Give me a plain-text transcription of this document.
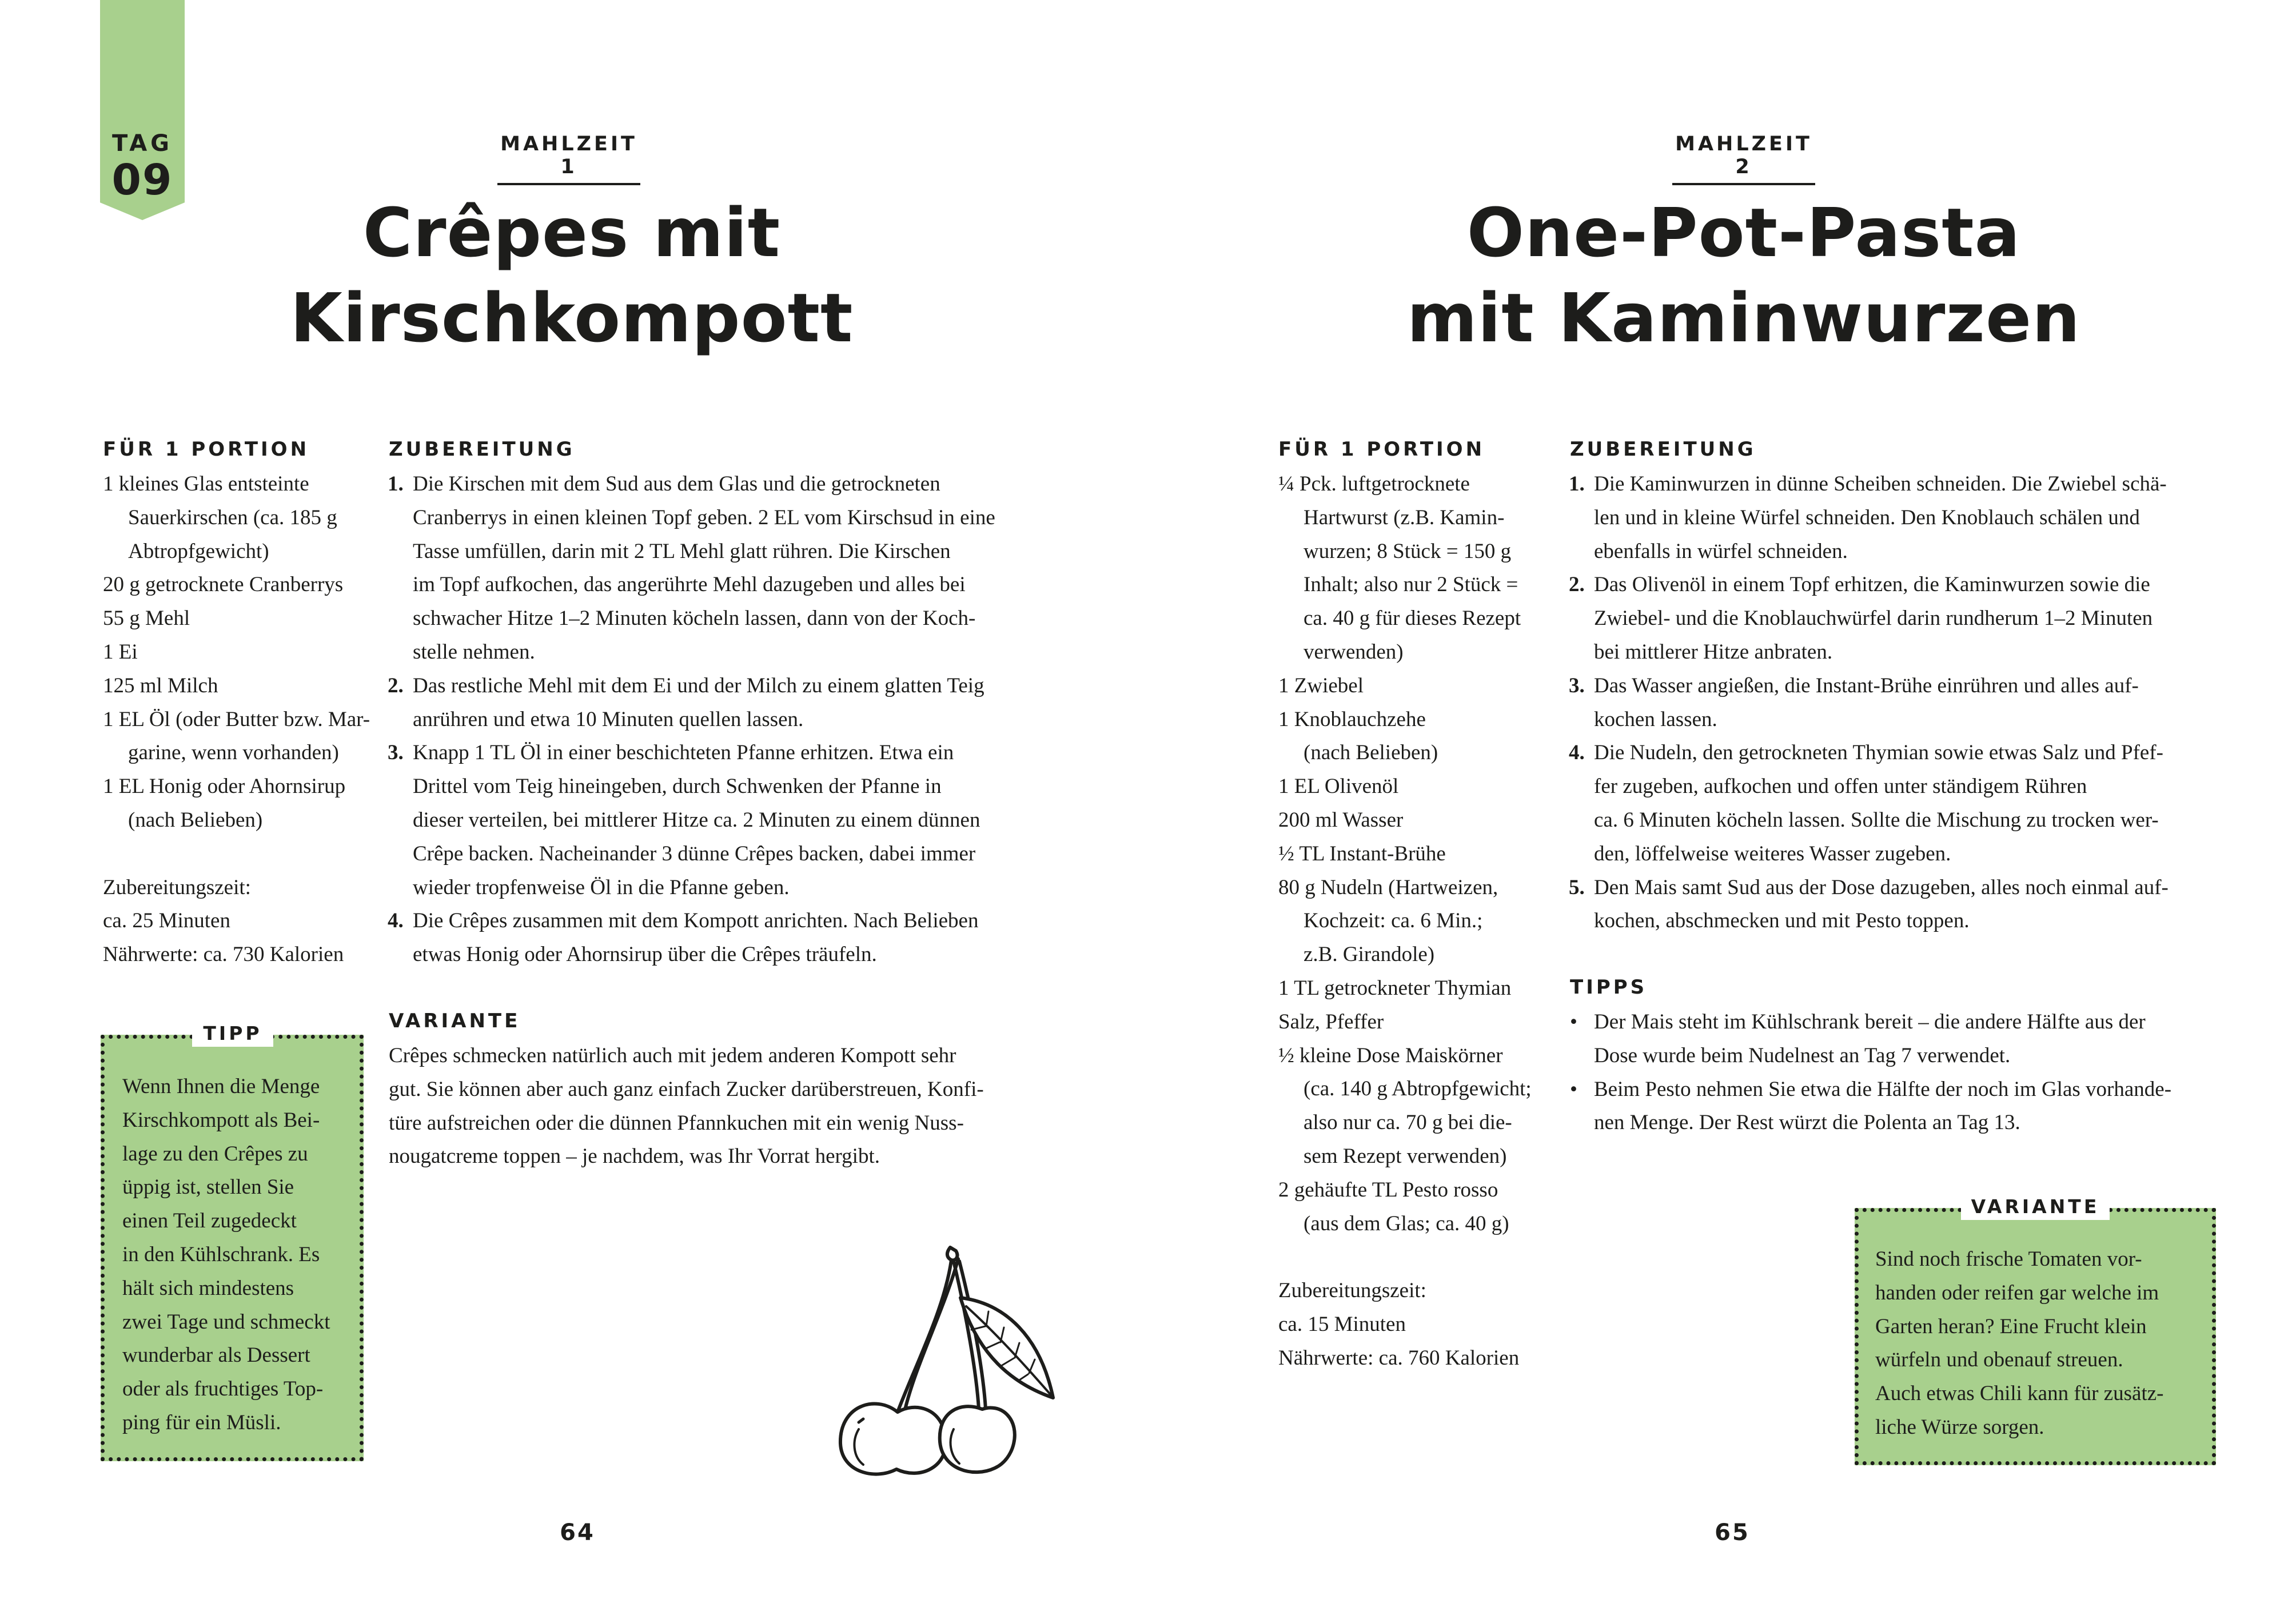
TAG
09
MAHLZEIT 1
Crêpes mit
Kirschkompott
FÜR 1 PORTION
1 kleines Glas entsteinte
Sauerkirschen (ca. 185 g
Abtropfgewicht)
20 g getrocknete Cranberrys
55 g Mehl
1 Ei
125 ml Milch
1 EL Öl (oder Butter bzw. Mar-
garine, wenn vorhanden)
1 EL Honig oder Ahornsirup
(nach Belieben)
Zubereitungszeit:
ca. 25 Minuten
Nährwerte: ca. 730 Kalorien
ZUBEREITUNG
1. Die Kirschen mit dem Sud aus dem Glas und die getrockneten
Cranberrys in einen kleinen Topf geben. 2 EL vom Kirschsud in eine
Tasse umfüllen, darin mit 2 TL Mehl glatt rühren. Die Kirschen
im Topf aufkochen, das angerührte Mehl dazugeben und alles bei
schwacher Hitze 1–2 Minuten köcheln lassen, dann von der Koch-
stelle nehmen.
2. Das restliche Mehl mit dem Ei und der Milch zu einem glatten Teig
anrühren und etwa 10 Minuten quellen lassen.
3. Knapp 1 TL Öl in einer beschichteten Pfanne erhitzen. Etwa ein
Drittel vom Teig hineingeben, durch Schwenken der Pfanne in
dieser verteilen, bei mittlerer Hitze ca. 2 Minuten zu einem dünnen
Crêpe backen. Nacheinander 3 dünne Crêpes backen, dabei immer
wieder tropfenweise Öl in die Pfanne geben.
4. Die Crêpes zusammen mit dem Kompott anrichten. Nach Belieben
etwas Honig oder Ahornsirup über die Crêpes träufeln.
VARIANTE
Crêpes schmecken natürlich auch mit jedem anderen Kompott sehr
gut. Sie können aber auch ganz einfach Zucker darüberstreuen, Konfi-
türe aufstreichen oder die dünnen Pfannkuchen mit ein wenig Nuss-
nougatcreme toppen – je nachdem, was Ihr Vorrat hergibt.
TIPP
Wenn Ihnen die Menge
Kirschkompott als Bei-
lage zu den Crêpes zu
üppig ist, stellen Sie
einen Teil zugedeckt
in den Kühlschrank. Es
hält sich mindestens
zwei Tage und schmeckt
wunderbar als Dessert
oder als fruchtiges Top-
ping für ein Müsli.
64
MAHLZEIT 2
One-Pot-Pasta
mit Kaminwurzen
FÜR 1 PORTION
¼ Pck. luftgetrocknete
Hartwurst (z.B. Kamin-
wurzen; 8 Stück = 150 g
Inhalt; also nur 2 Stück =
ca. 40 g für dieses Rezept
verwenden)
1 Zwiebel
1 Knoblauchzehe
(nach Belieben)
1 EL Olivenöl
200 ml Wasser
½ TL Instant-Brühe
80 g Nudeln (Hartweizen,
Kochzeit: ca. 6 Min.;
z.B. Girandole)
1 TL getrockneter Thymian
Salz, Pfeffer
½ kleine Dose Maiskörner
(ca. 140 g Abtropfgewicht;
also nur ca. 70 g bei die-
sem Rezept verwenden)
2 gehäufte TL Pesto rosso
(aus dem Glas; ca. 40 g)
Zubereitungszeit:
ca. 15 Minuten
Nährwerte: ca. 760 Kalorien
ZUBEREITUNG
1. Die Kaminwurzen in dünne Scheiben schneiden. Die Zwiebel schä-
len und in kleine Würfel schneiden. Den Knoblauch schälen und
ebenfalls in würfel schneiden.
2. Das Olivenöl in einem Topf erhitzen, die Kaminwurzen sowie die
Zwiebel- und die Knoblauchwürfel darin rundherum 1–2 Minuten
bei mittlerer Hitze anbraten.
3. Das Wasser angießen, die Instant-Brühe einrühren und alles auf-
kochen lassen.
4. Die Nudeln, den getrockneten Thymian sowie etwas Salz und Pfef-
fer zugeben, aufkochen und offen unter ständigem Rühren
ca. 6 Minuten köcheln lassen. Sollte die Mischung zu trocken wer-
den, löffelweise weiteres Wasser zugeben.
5. Den Mais samt Sud aus der Dose dazugeben, alles noch einmal auf-
kochen, abschmecken und mit Pesto toppen.
TIPPS
• Der Mais steht im Kühlschrank bereit – die andere Hälfte aus der
Dose wurde beim Nudelnest an Tag 7 verwendet.
• Beim Pesto nehmen Sie etwa die Hälfte der noch im Glas vorhande-
nen Menge. Der Rest würzt die Polenta an Tag 13.
VARIANTE
Sind noch frische Tomaten vor-
handen oder reifen gar welche im
Garten heran? Eine Frucht klein
würfeln und obenauf streuen.
Auch etwas Chili kann für zusätz-
liche Würze sorgen.
65
